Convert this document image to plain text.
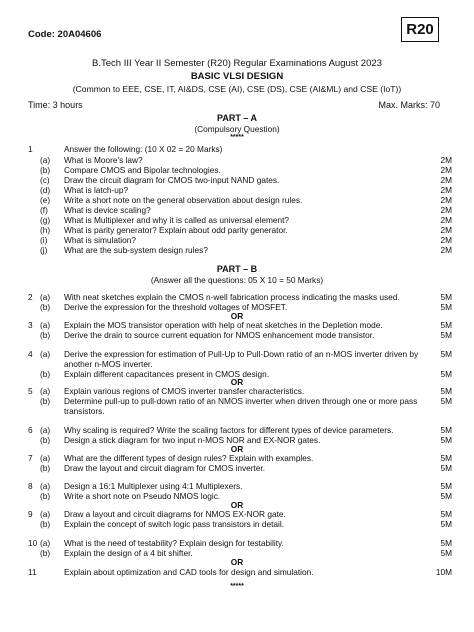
Code: 20A04606	R20
B.Tech III Year II Semester (R20) Regular Examinations August 2023
BASIC VLSI DESIGN
(Common to EEE, CSE, IT, AI&DS, CSE (AI), CSE (DS), CSE (AI&ML) and CSE (IoT))
Time: 3 hours	Max. Marks: 70
PART – A
(Compulsory Question)
*****
1	Answer the following: (10 X 02 = 20 Marks)
(a) What is Moore's law?	2M
(b) Compare CMOS and Bipolar technologies.	2M
(c) Draw the circuit diagram for CMOS two-input NAND gates.	2M
(d) What is latch-up?	2M
(e) Write a short note on the general observation about design rules.	2M
(f) What is device scaling?	2M
(g) What is Multiplexer and why it is called as universal element?	2M
(h) What is parity generator? Explain about odd parity generator.	2M
(i) What is simulation?	2M
(j) What are the sub-system design rules?	2M
PART – B
(Answer all the questions: 05 X 10 = 50 Marks)
2 (a) With neat sketches explain the CMOS n-well fabrication process indicating the masks used.	5M
(b) Derive the expression for the threshold voltages of MOSFET.	5M
OR
3 (a) Explain the MOS transistor operation with help of neat sketches in the Depletion mode.	5M
(b) Derive the drain to source current equation for NMOS enhancement mode transistor.	5M
4 (a) Derive the expression for estimation of Pull-Up to Pull-Down ratio of an n-MOS inverter driven by another n-MOS inverter.
5M
(b) Explain different capacitances present in CMOS design.	5M
OR
5 (a) Explain various regions of CMOS inverter transfer characteristics.	5M
(b) Determine pull-up to pull-down ratio of an NMOS inverter when driven through one or more pass transistors.
5M
6 (a) Why scaling is required? Write the scaling factors for different types of device parameters.	5M
(b) Design a stick diagram for two input n-MOS NOR and EX-NOR gates.	5M
OR
7 (a) What are the different types of design rules? Explain with examples.	5M
(b) Draw the layout and circuit diagram for CMOS inverter.	5M
8 (a) Design a 16:1 Multiplexer using 4:1 Multiplexers.	5M
(b) Write a short note on Pseudo NMOS logic.	5M
OR
9 (a) Draw a layout and circuit diagrams for NMOS EX-NOR gate.	5M
(b) Explain the concept of switch logic pass transistors in detail.	5M
10 (a) What is the need of testability? Explain design for testability.	5M
(b) Explain the design of a 4 bit shifter.	5M
OR
11	Explain about optimization and CAD tools for design and simulation.	10M
*****
